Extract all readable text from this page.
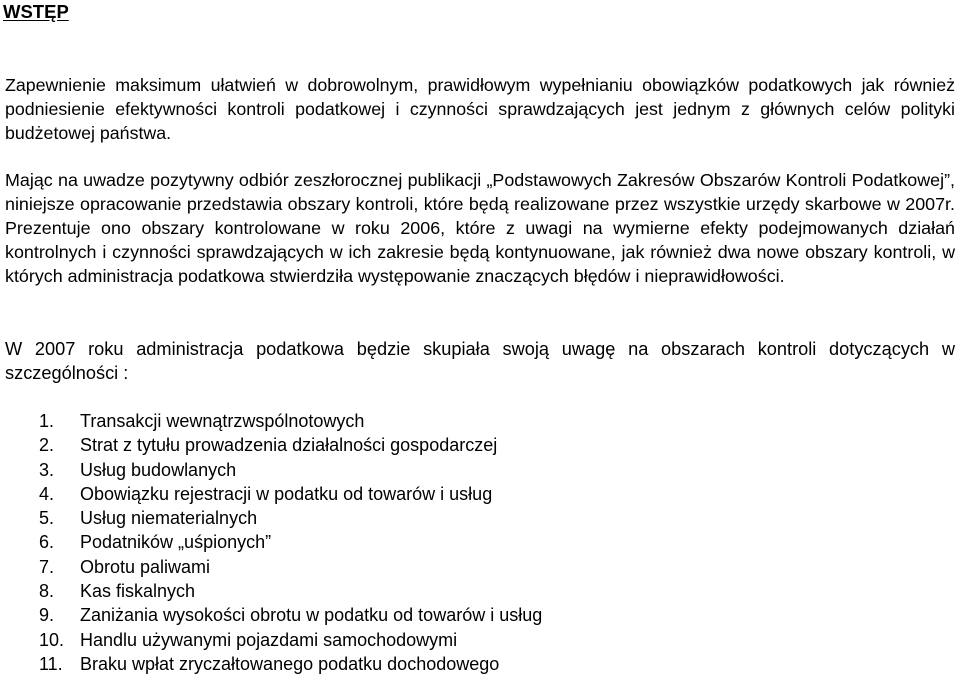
WSTĘP

Zapewnienie maksimum ułatwień w dobrowolnym, prawidłowym wypełnianiu obowiązków podatkowych jak również podniesienie efektywności kontroli podatkowej i czynności sprawdzających jest jednym z głównych celów polityki budżetowej państwa.

Mając na uwadze pozytywny odbiór zeszłorocznej publikacji „Podstawowych Zakresów Obszarów Kontroli Podatkowej”, niniejsze opracowanie przedstawia obszary kontroli, które będą realizowane przez wszystkie urzędy skarbowe w 2007r. Prezentuje ono obszary kontrolowane w roku 2006, które z uwagi na wymierne efekty podejmowanych działań kontrolnych i czynności sprawdzających w ich zakresie będą kontynuowane, jak również dwa nowe obszary kontroli, w których administracja podatkowa stwierdziła występowanie znaczących błędów i nieprawidłowości.

W 2007 roku administracja podatkowa będzie skupiała swoją uwagę na obszarach kontroli dotyczących w szczególności :

1. Transakcji wewnątrzwspólnotowych
2. Strat z tytułu prowadzenia działalności gospodarczej
3. Usług budowlanych
4. Obowiązku rejestracji w podatku od towarów i usług
5. Usług niematerialnych
6. Podatników „uśpionych”
7. Obrotu paliwami
8. Kas fiskalnych
9. Zaniżania wysokości obrotu w podatku od towarów i usług
10. Handlu używanymi pojazdami samochodowymi
11. Braku wpłat zryczałtowanego podatku dochodowego
